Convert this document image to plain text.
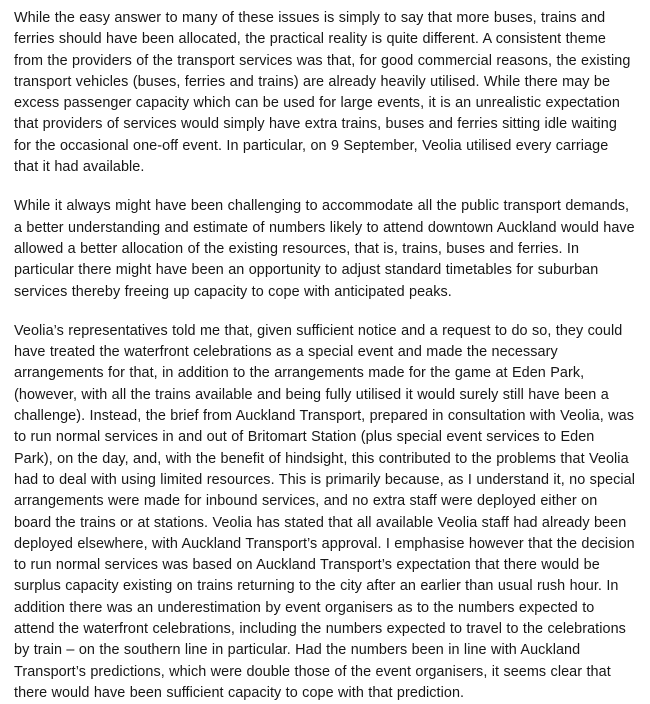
While the easy answer to many of these issues is simply to say that more buses, trains and ferries should have been allocated, the practical reality is quite different. A consistent theme from the providers of the transport services was that, for good commercial reasons, the existing transport vehicles (buses, ferries and trains) are already heavily utilised. While there may be excess passenger capacity which can be used for large events, it is an unrealistic expectation that providers of services would simply have extra trains, buses and ferries sitting idle waiting for the occasional one-off event. In particular, on 9 September, Veolia utilised every carriage that it had available.

While it always might have been challenging to accommodate all the public transport demands, a better understanding and estimate of numbers likely to attend downtown Auckland would have allowed a better allocation of the existing resources, that is, trains, buses and ferries. In particular there might have been an opportunity to adjust standard timetables for suburban services thereby freeing up capacity to cope with anticipated peaks.

Veolia’s representatives told me that, given sufficient notice and a request to do so, they could have treated the waterfront celebrations as a special event and made the necessary arrangements for that, in addition to the arrangements made for the game at Eden Park, (however, with all the trains available and being fully utilised it would surely still have been a challenge). Instead, the brief from Auckland Transport, prepared in consultation with Veolia, was to run normal services in and out of Britomart Station (plus special event services to Eden Park), on the day, and, with the benefit of hindsight, this contributed to the problems that Veolia had to deal with using limited resources. This is primarily because, as I understand it, no special arrangements were made for inbound services, and no extra staff were deployed either on board the trains or at stations. Veolia has stated that all available Veolia staff had already been deployed elsewhere, with Auckland Transport’s approval. I emphasise however that the decision to run normal services was based on Auckland Transport’s expectation that there would be surplus capacity existing on trains returning to the city after an earlier than usual rush hour. In addition there was an underestimation by event organisers as to the numbers expected to attend the waterfront celebrations, including the numbers expected to travel to the celebrations by train – on the southern line in particular. Had the numbers been in line with Auckland Transport’s predictions, which were double those of the event organisers, it seems clear that there would have been sufficient capacity to cope with that prediction.
